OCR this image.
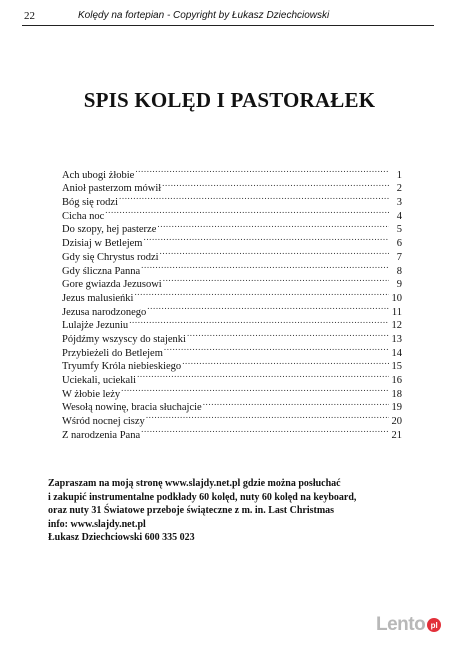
22	Kolędy na fortepian - Copyright by Łukasz Dziechciowski
SPIS KOLĘD I PASTORAŁEK
Ach ubogi żłobie .....	1
Anioł pasterzom mówił .....	2
Bóg się rodzi .....	3
Cicha noc .....	4
Do szopy, hej pasterze .....	5
Dzisiaj w Betlejem .....	6
Gdy się Chrystus rodzi .....	7
Gdy śliczna Panna .....	8
Gore gwiazda Jezusowi .....	9
Jezus malusieńki .....	10
Jezusa narodzonego .....	11
Lulajże Jezuniu .....	12
Pójdźmy wszyscy do stajenki .....	13
Przybieżeli do Betlejem .....	14
Tryumfy Króla niebieskiego .....	15
Uciekali, uciekali .....	16
W żłobie leży .....	18
Wesołą nowinę, bracia słuchajcie .....	19
Wśród nocnej ciszy .....	20
Z narodzenia Pana .....	21
Zapraszam na moją stronę www.slajdy.net.pl gdzie można posłuchać
i zakupić instrumentalne podkłady 60 kolęd, nuty 60 kolęd na keyboard,
oraz nuty 31 Światowe przeboje świąteczne z m. in. Last Christmas
info: www.slajdy.net.pl
Łukasz Dziechciowski 600 335 023
Lento pl
